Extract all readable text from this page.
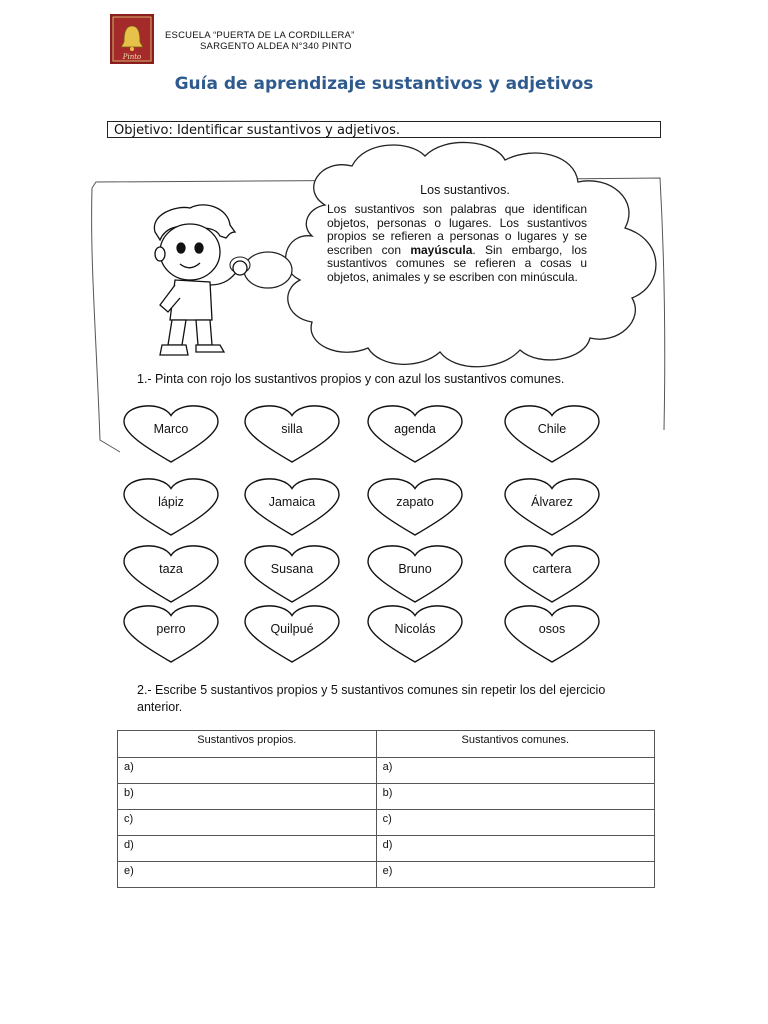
Pinto
ESCUELA “PUERTA DE LA CORDILLERA”
SARGENTO ALDEA N°340 PINTO
Guía de aprendizaje sustantivos y adjetivos
Objetivo: Identificar sustantivos y adjetivos.
Los sustantivos.
Los sustantivos son palabras que identifican objetos, personas o lugares. Los sustantivos propios se refieren a personas o lugares y se escriben con mayúscula. Sin embargo, los sustantivos comunes se refieren a cosas u objetos, animales y se escriben con minúscula.
1.- Pinta con rojo los sustantivos propios y con azul los sustantivos comunes.
Marco	silla	agenda	Chile
lápiz	Jamaica	zapato	Álvarez
taza	Susana	Bruno	cartera
perro	Quilpué	Nicolás	osos
2.- Escribe 5 sustantivos propios y 5 sustantivos comunes sin repetir los del ejercicio anterior.
Sustantivos propios.	Sustantivos comunes.
a)	a)
b)	b)
c)	c)
d)	d)
e)	e)
